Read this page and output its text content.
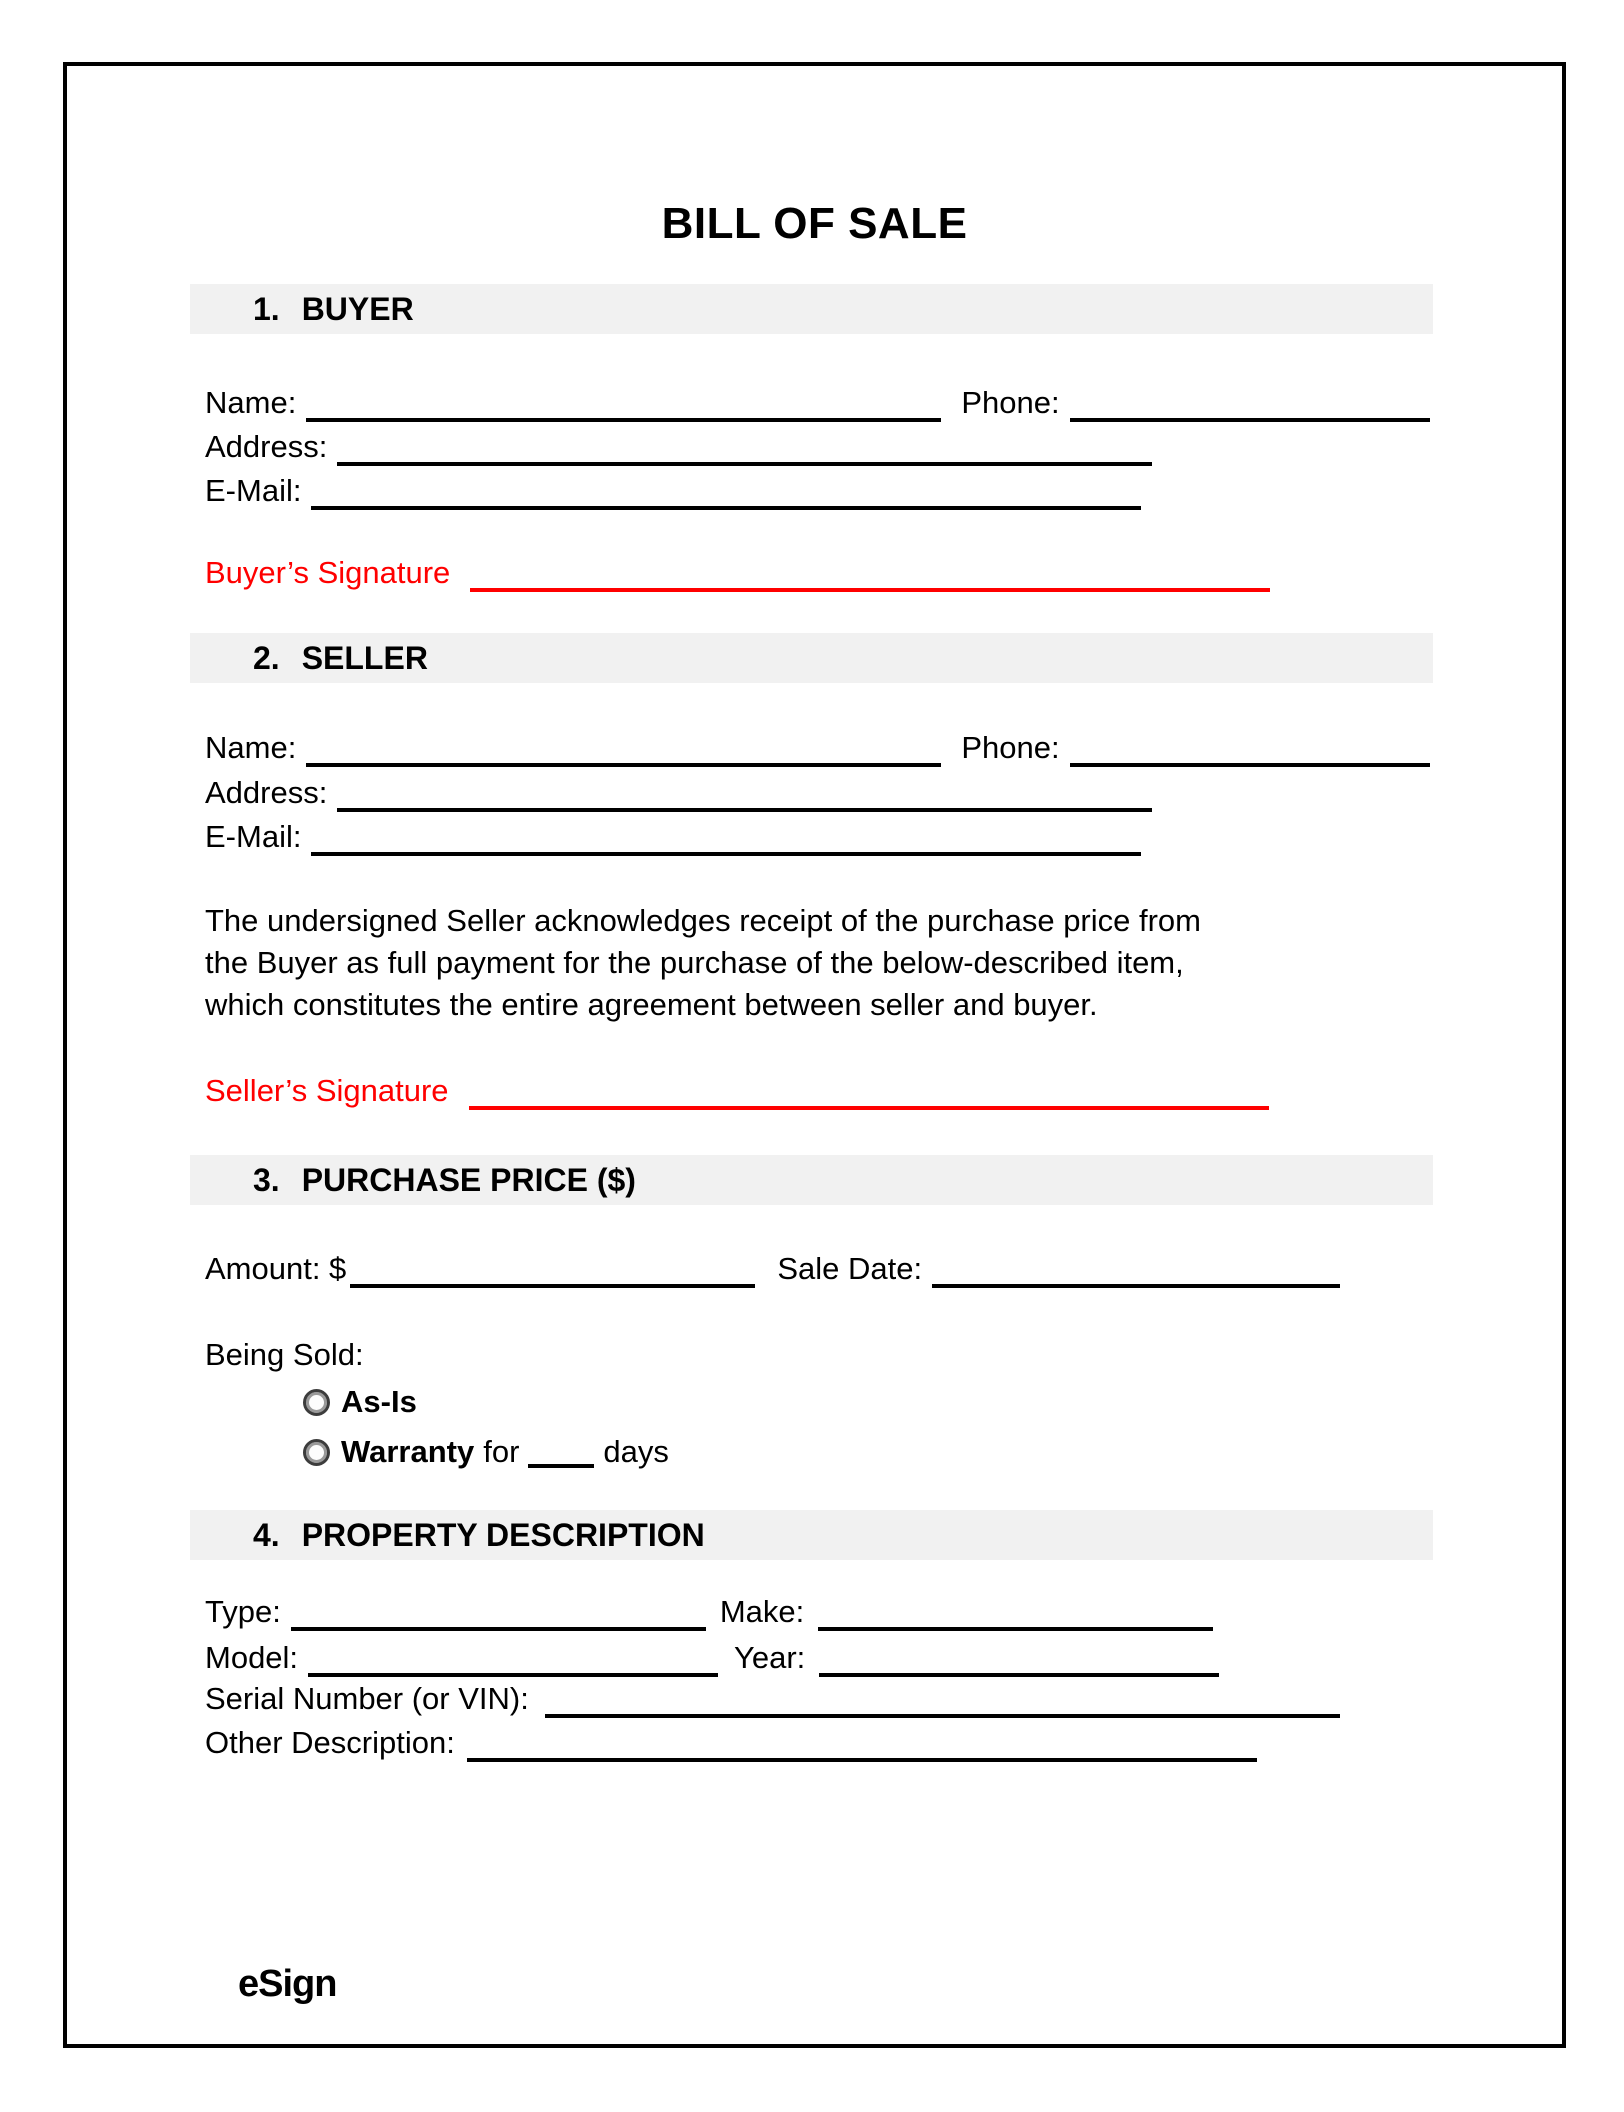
BILL OF SALE
1. BUYER
Name:	Phone:
Address:
E-Mail:
Buyer’s Signature
2. SELLER
Name:	Phone:
Address:
E-Mail:
The undersigned Seller acknowledges receipt of the purchase price from
the Buyer as full payment for the purchase of the below-described item,
which constitutes the entire agreement between seller and buyer.
Seller’s Signature
3. PURCHASE PRICE ($)
Amount: $	Sale Date:
Being Sold:
As-Is
Warranty for	days
4. PROPERTY DESCRIPTION
Type:	Make:
Model:	Year:
Serial Number (or VIN):
Other Description:
eSign
